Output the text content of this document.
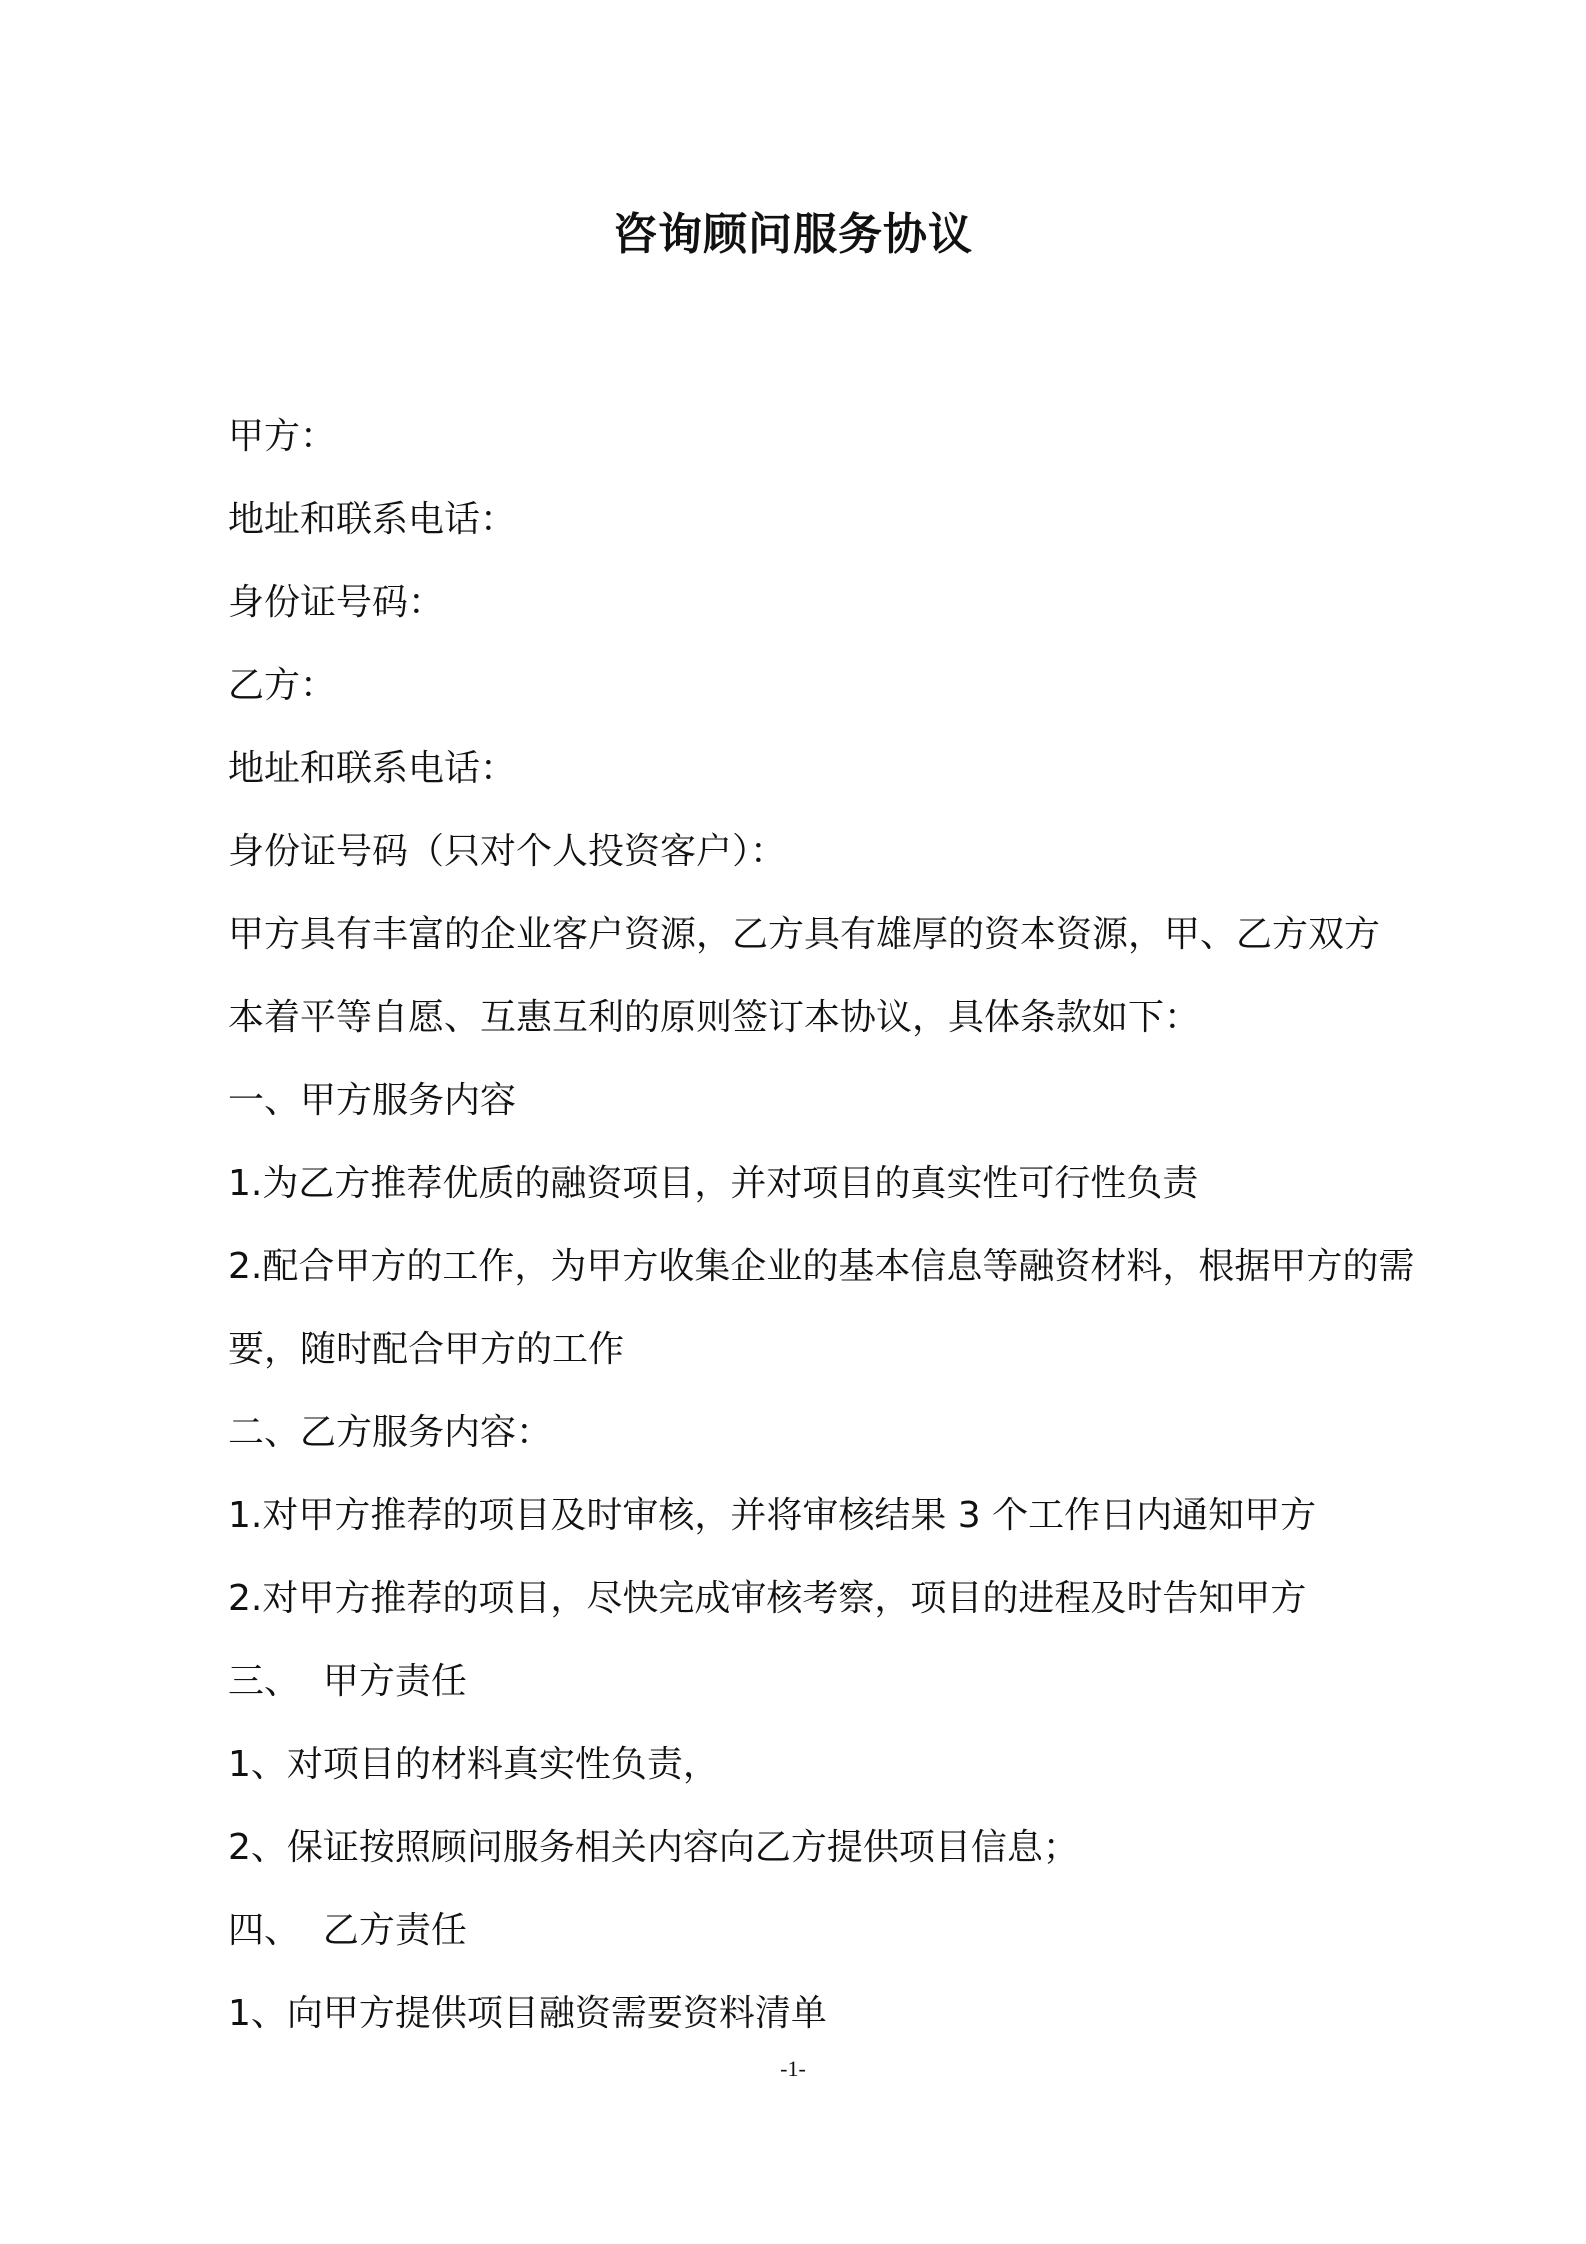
咨询顾问服务协议
甲方：
地址和联系电话：
身份证号码：
乙方：
地址和联系电话：
身份证号码（只对个人投资客户）：
甲方具有丰富的企业客户资源，乙方具有雄厚的资本资源，甲、乙方双方
本着平等自愿、互惠互利的原则签订本协议，具体条款如下：
一、甲方服务内容
1.为乙方推荐优质的融资项目，并对项目的真实性可行性负责
2.配合甲方的工作，为甲方收集企业的基本信息等融资材料，根据甲方的需
要，随时配合甲方的工作
二、乙方服务内容：
1.对甲方推荐的项目及时审核，并将审核结果 3 个工作日内通知甲方
2.对甲方推荐的项目，尽快完成审核考察，项目的进程及时告知甲方
三、  甲方责任
1、对项目的材料真实性负责，
2、保证按照顾问服务相关内容向乙方提供项目信息；
四、  乙方责任
1、向甲方提供项目融资需要资料清单
-1-
